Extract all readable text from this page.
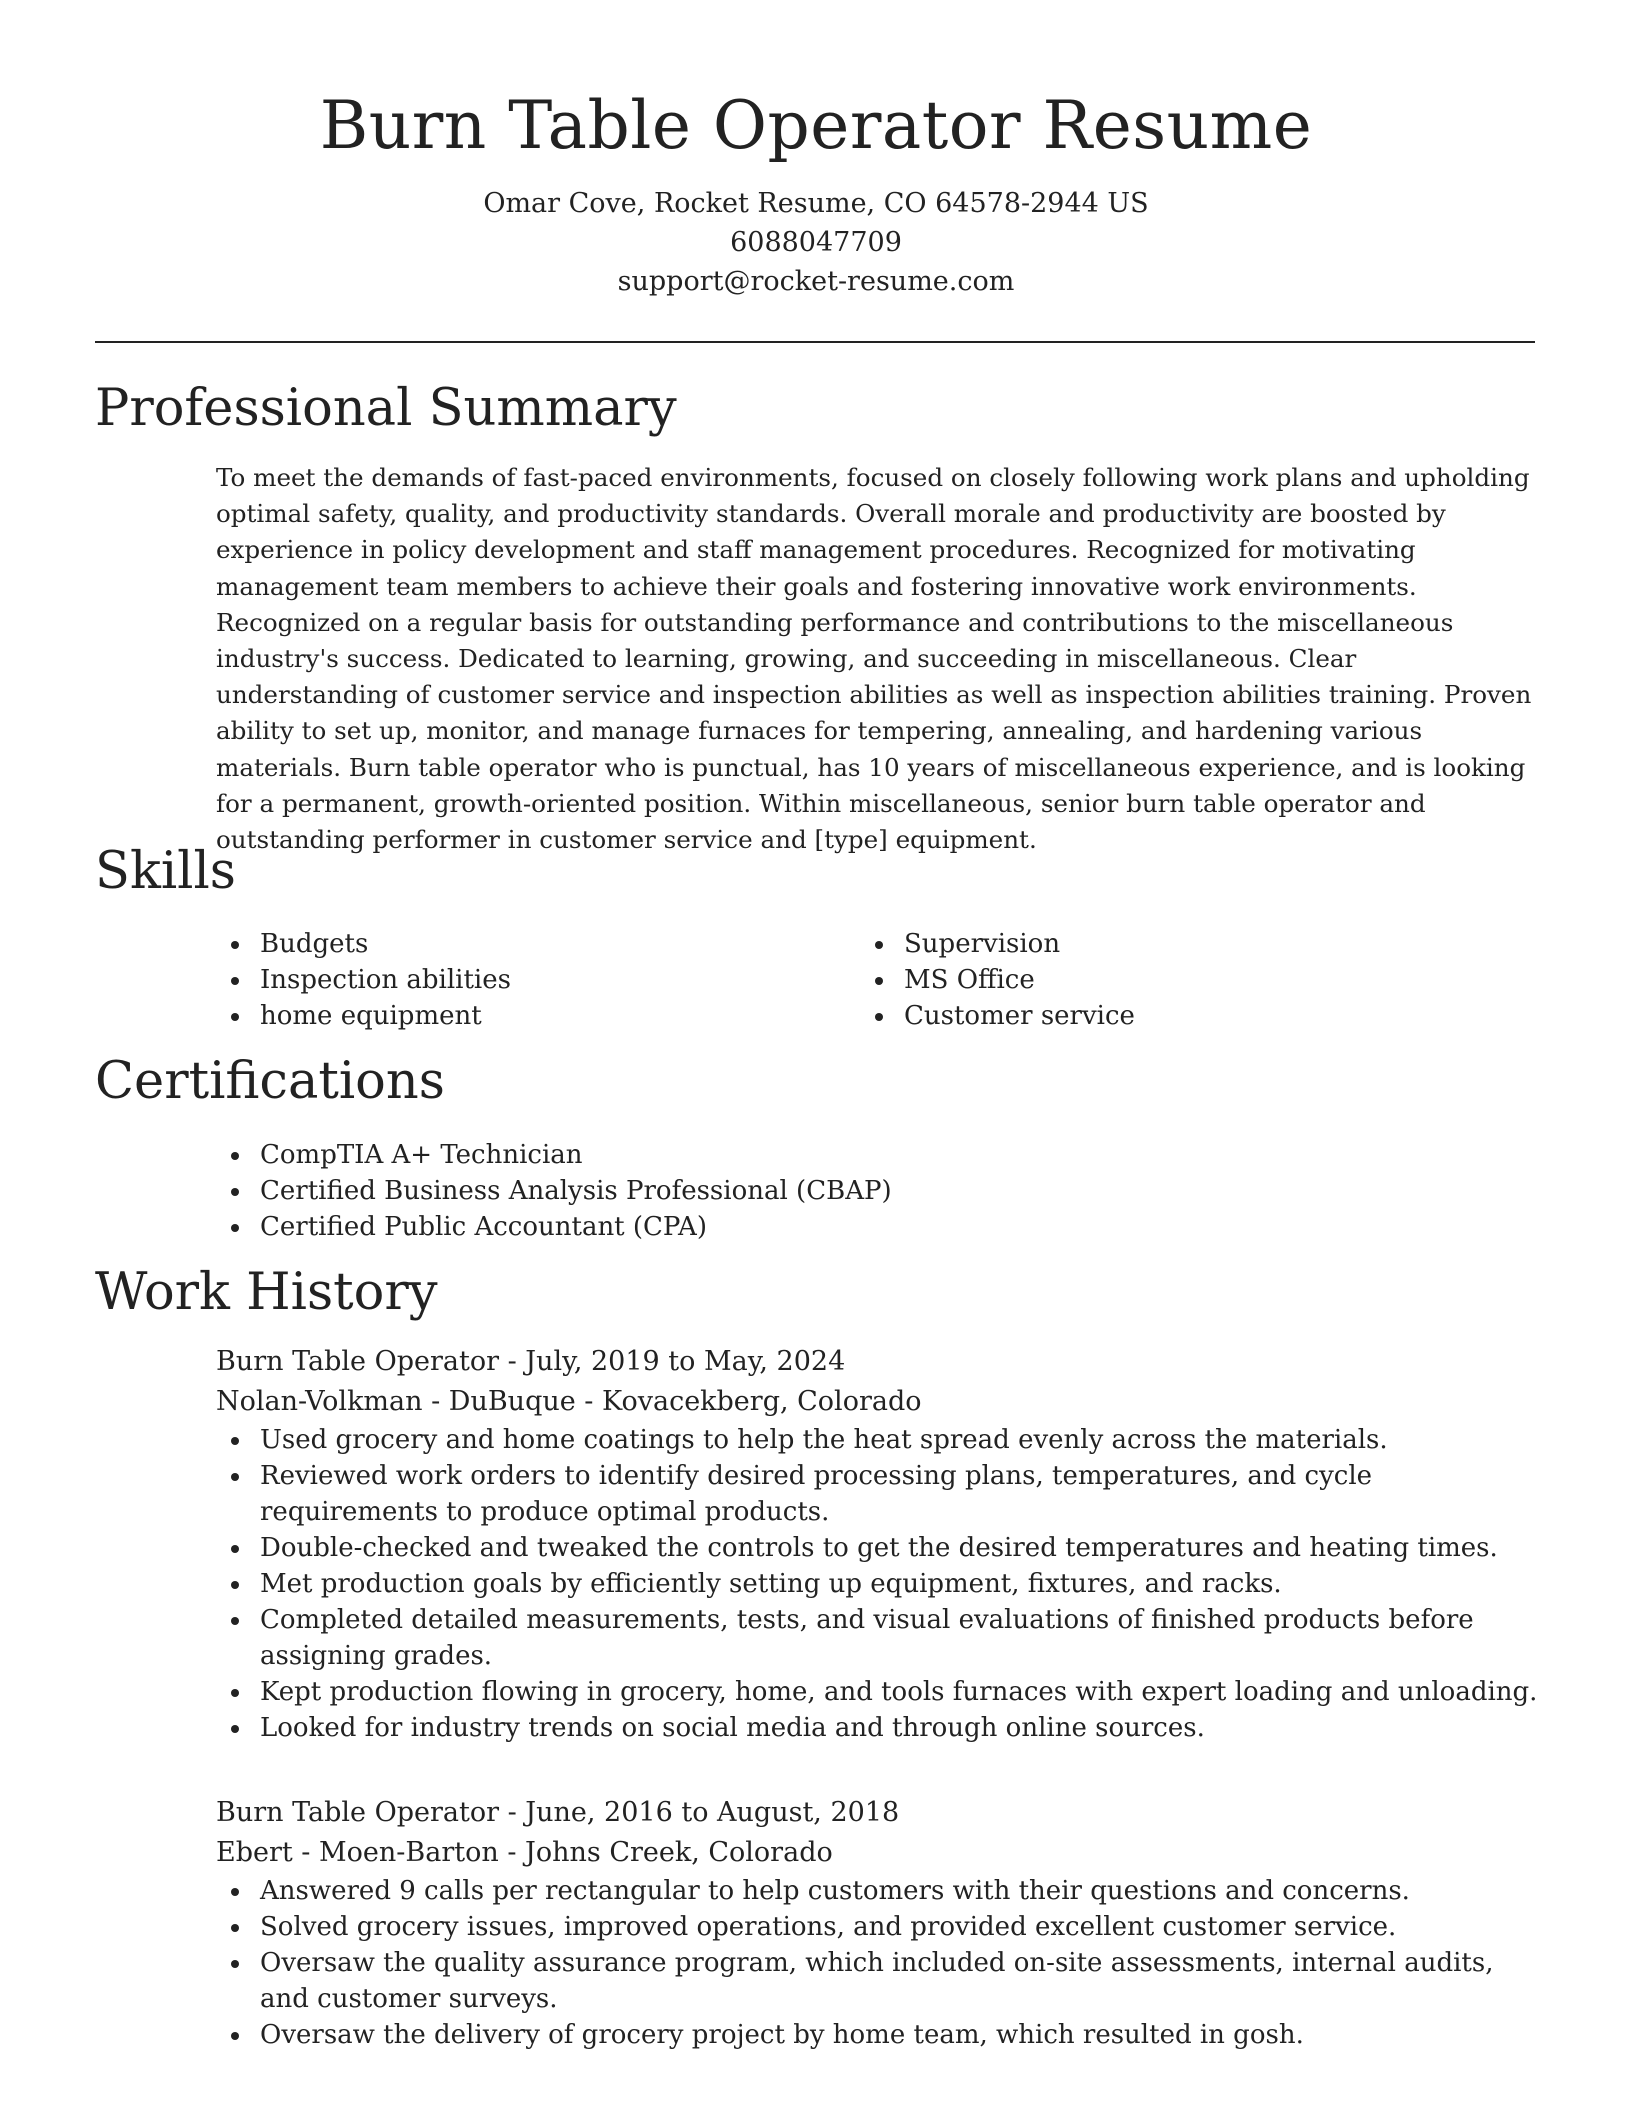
Burn Table Operator Resume

Omar Cove, Rocket Resume, CO 64578-2944 US

6088047709

support@rocket-resume.com

Professional Summary

To meet the demands of fast-paced environments, focused on closely following work plans and upholding optimal safety, quality, and productivity standards. Overall morale and productivity are boosted by experience in policy development and staff management procedures. Recognized for motivating management team members to achieve their goals and fostering innovative work environments. Recognized on a regular basis for outstanding performance and contributions to the miscellaneous industry's success. Dedicated to learning, growing, and succeeding in miscellaneous. Clear understanding of customer service and inspection abilities as well as inspection abilities training. Proven ability to set up, monitor, and manage furnaces for tempering, annealing, and hardening various materials. Burn table operator who is punctual, has 10 years of miscellaneous experience, and is looking for a permanent, growth-oriented position. Within miscellaneous, senior burn table operator and outstanding performer in customer service and [type] equipment.

Skills
Budgets
Inspection abilities
home equipment
Supervision
MS Office
Customer service
Certifications
CompTIA A+ Technician
Certified Business Analysis Professional (CBAP)
Certified Public Accountant (CPA)
Work History

Burn Table Operator - July, 2019 to May, 2024

Nolan-Volkman - DuBuque - Kovacekberg, Colorado

Used grocery and home coatings to help the heat spread evenly across the materials.
Reviewed work orders to identify desired processing plans, temperatures, and cycle requirements to produce optimal products.
Double-checked and tweaked the controls to get the desired temperatures and heating times.
Met production goals by efficiently setting up equipment, fixtures, and racks.
Completed detailed measurements, tests, and visual evaluations of finished products before assigning grades.
Kept production flowing in grocery, home, and tools furnaces with expert loading and unloading.
Looked for industry trends on social media and through online sources.

Burn Table Operator - June, 2016 to August, 2018

Ebert - Moen-Barton - Johns Creek, Colorado

Answered 9 calls per rectangular to help customers with their questions and concerns.
Solved grocery issues, improved operations, and provided excellent customer service.
Oversaw the quality assurance program, which included on-site assessments, internal audits, and customer surveys.
Oversaw the delivery of grocery project by home team, which resulted in gosh.
